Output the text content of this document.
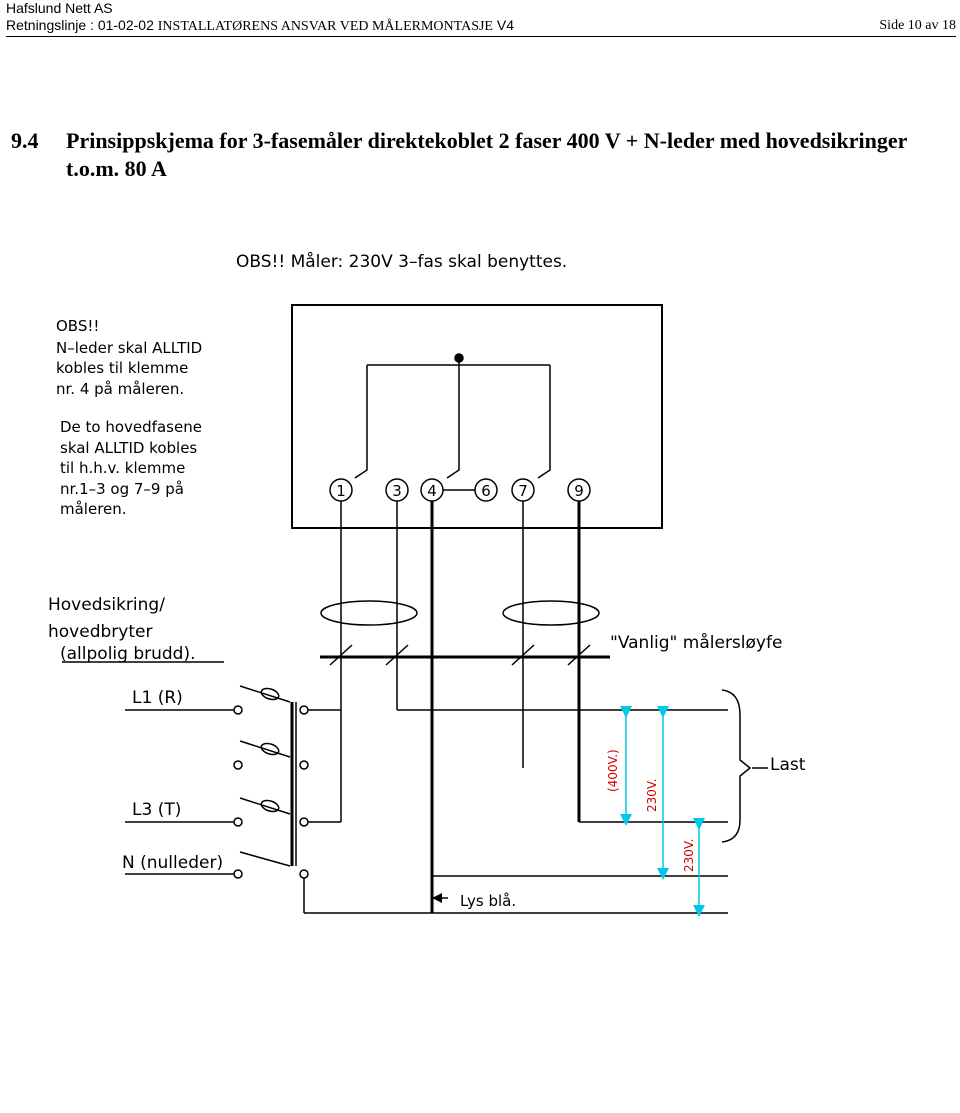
Hafslund Nett AS
Retningslinje : 01-02-02 INSTALLATØRENS ANSVAR VED MÅLERMONTASJE V4	Side 10 av 18
9.4 Prinsippskjema for 3-fasemåler direktekoblet 2 faser 400 V + N-leder med hovedsikringer t.o.m. 80 A
OBS!! Måler: 230V 3–fas skal benyttes.
OBS!!
N–leder skal ALLTID
kobles til klemme
nr. 4 på måleren.
De to hovedfasene
skal ALLTID kobles
til h.h.v. klemme
nr.1–3 og 7–9 på
måleren.
1	3 4	6 7	9
"Vanlig" målersløyfe
Hovedsikring/
hovedbryter
(allpolig brudd).
Lys blå.
Last
(400V.)
230V.
230V.
L1 (R)
L3 (T)
N (nulleder)
